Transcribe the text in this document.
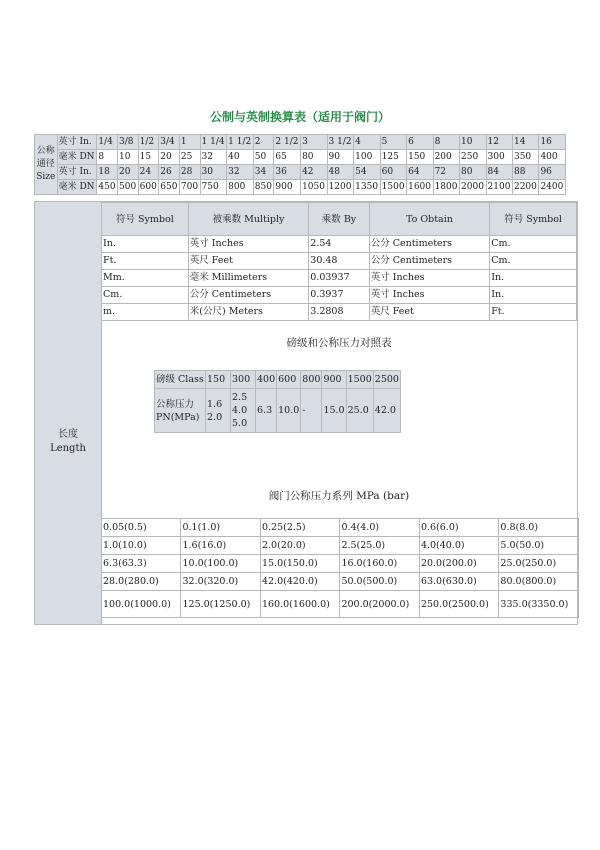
公制与英制换算表（适用于阀门）
公称
通径
Size	英寸 In.	1/4	3/8	1/2	3/4	1	1 1/4	1 1/2	2	2 1/2	3	3 1/2	4	5	6	8	10	12	14	16
	毫米 DN	8	10	15	20	25	32	40	50	65	80	90	100	125	150	200	250	300	350	400
	英寸 In.	18	20	24	26	28	30	32	34	36	42	48	54	60	64	72	80	84	88	96
	毫米 DN	450	500	600	650	700	750	800	850	900	1050	1200	1350	1500	1600	1800	2000	2100	2200	2400
长度
Length
符号 Symbol	被乘数 Multiply	乘数 By	To Obtain	符号 Symbol
In.	英寸 Inches	2.54	公分 Centimeters	Cm.
Ft.	英尺 Feet	30.48	公分 Centimeters	Cm.
Mm.	毫米 Millimeters	0.03937	英寸 Inches	In.
Cm.	公分 Centimeters	0.3937	英寸 Inches	In.
m.	米(公尺) Meters	3.2808	英尺 Feet	Ft.
磅级和公称压力对照表
磅级 Class	150	300	400	600	800	900	1500	2500
公称压力 PN(MPa)	1.6 2.0	2.5 4.0 5.0	6.3	10.0	-	15.0	25.0	42.0
阀门公称压力系列 MPa (bar)
0.05(0.5)	0.1(1.0)	0.25(2.5)	0.4(4.0)	0.6(6.0)	0.8(8.0)
1.0(10.0)	1.6(16.0)	2.0(20.0)	2.5(25.0)	4.0(40.0)	5.0(50.0)
6.3(63.3)	10.0(100.0)	15.0(150.0)	16.0(160.0)	20.0(200.0)	25.0(250.0)
28.0(280.0)	32.0(320.0)	42.0(420.0)	50.0(500.0)	63.0(630.0)	80.0(800.0)
100.0(1000.0)	125.0(1250.0)	160.0(1600.0)	200.0(2000.0)	250.0(2500.0)	335.0(3350.0)
